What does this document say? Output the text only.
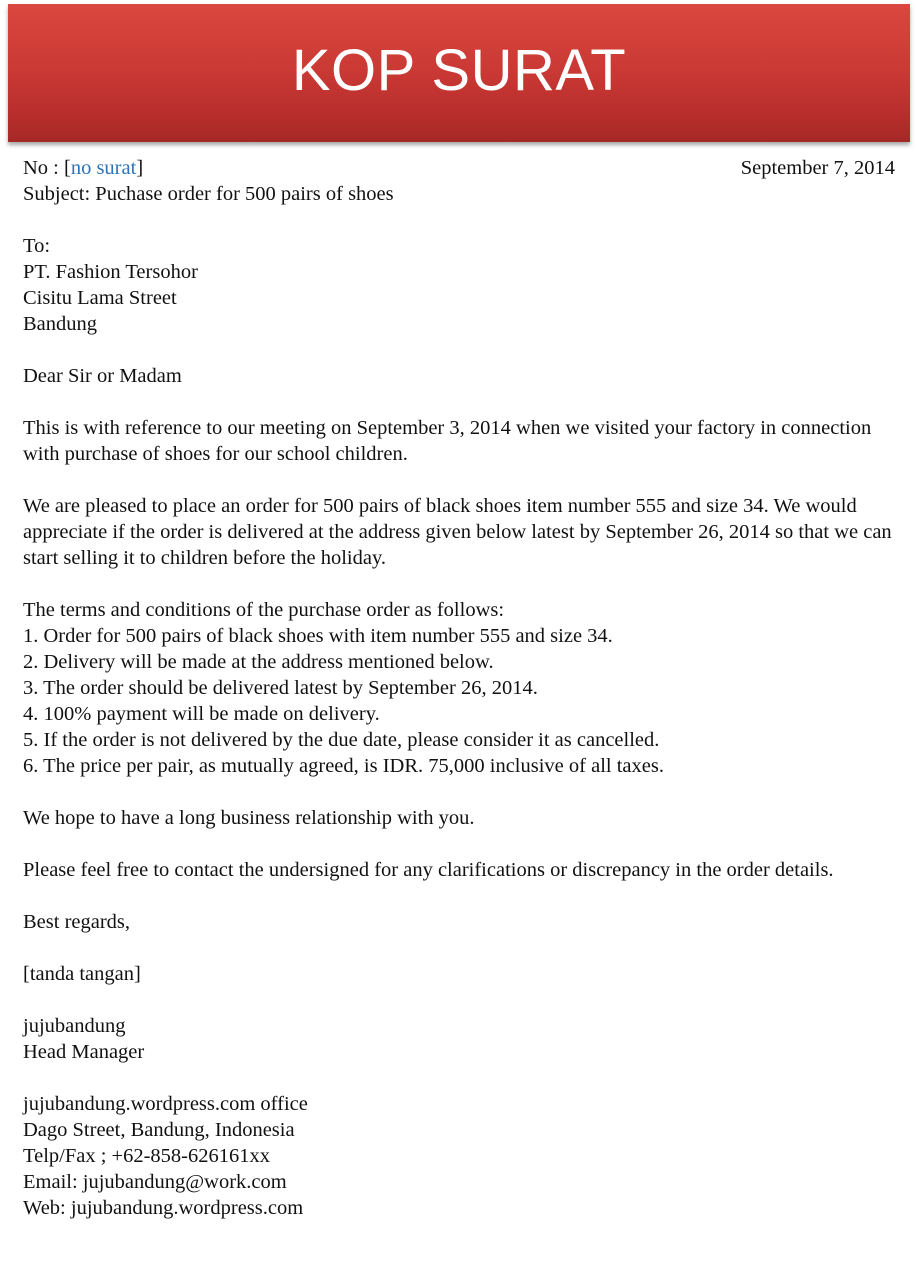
KOP SURAT
No : [no surat]	September 7, 2014
Subject: Puchase order for 500 pairs of shoes
To:
PT. Fashion Tersohor
Cisitu Lama Street
Bandung
Dear Sir or Madam
This is with reference to our meeting on September 3, 2014 when we visited your factory in connection with purchase of shoes for our school children.
We are pleased to place an order for 500 pairs of black shoes item number 555 and size 34. We would appreciate if the order is delivered at the address given below latest by September 26, 2014 so that we can start selling it to children before the holiday.
The terms and conditions of the purchase order as follows:
1. Order for 500 pairs of black shoes with item number 555 and size 34.
2. Delivery will be made at the address mentioned below.
3. The order should be delivered latest by September 26, 2014.
4. 100% payment will be made on delivery.
5. If the order is not delivered by the due date, please consider it as cancelled.
6. The price per pair, as mutually agreed, is IDR. 75,000 inclusive of all taxes.
We hope to have a long business relationship with you.
Please feel free to contact the undersigned for any clarifications or discrepancy in the order details.
Best regards,
[tanda tangan]
jujubandung
Head Manager
jujubandung.wordpress.com office
Dago Street, Bandung, Indonesia
Telp/Fax ; +62-858-626161xx
Email: jujubandung@work.com
Web: jujubandung.wordpress.com
